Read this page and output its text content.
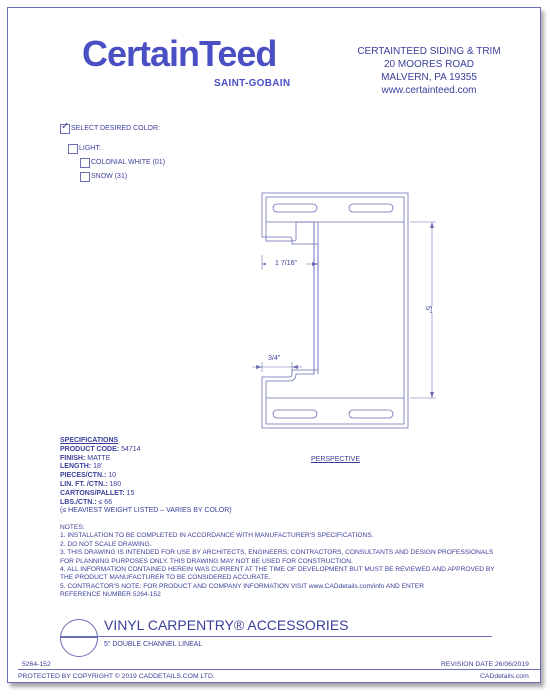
CertainTeed
SAINT-GOBAIN
CERTAINTEED SIDING & TRIM
20 MOORES ROAD
MALVERN, PA 19355
www.certainteed.com
✓
SELECT DESIRED COLOR:
LIGHT:
COLONIAL WHITE (01)
SNOW (31)
1 7/16"
5"
3/4"
PERSPECTIVE
SPECIFICATIONS
PRODUCT CODE: 54714
FINISH: MATTE
LENGTH: 18'
PIECES/CTN.: 10
LIN. FT. /CTN.: 180
CARTONS/PALLET: 15
LBS./CTN.: ≤ 66
(≤ HEAVIEST WEIGHT LISTED – VARIES BY COLOR)
NOTES:
1. INSTALLATION TO BE COMPLETED IN ACCORDANCE WITH MANUFACTURER'S SPECIFICATIONS.
2. DO NOT SCALE DRAWING.
3. THIS DRAWING IS INTENDED FOR USE BY ARCHITECTS, ENGINEERS, CONTRACTORS, CONSULTANTS AND DESIGN PROFESSIONALS
FOR PLANNING PURPOSES ONLY. THIS DRAWING MAY NOT BE USED FOR CONSTRUCTION.
4. ALL INFORMATION CONTAINED HEREIN WAS CURRENT AT THE TIME OF DEVELOPMENT BUT MUST BE REVIEWED AND APPROVED BY
THE PRODUCT MANUFACTURER TO BE CONSIDERED ACCURATE.
5. CONTRACTOR'S NOTE: FOR PRODUCT AND COMPANY INFORMATION VISIT www.CADdetails.com/info AND ENTER
REFERENCE NUMBER 5264-152
VINYL CARPENTRY® ACCESSORIES
5" DOUBLE CHANNEL LINEAL
5264-152	REVISION DATE 26/06/2019
PROTECTED BY COPYRIGHT © 2019 CADDETAILS.COM LTD.	CADdetails.com
